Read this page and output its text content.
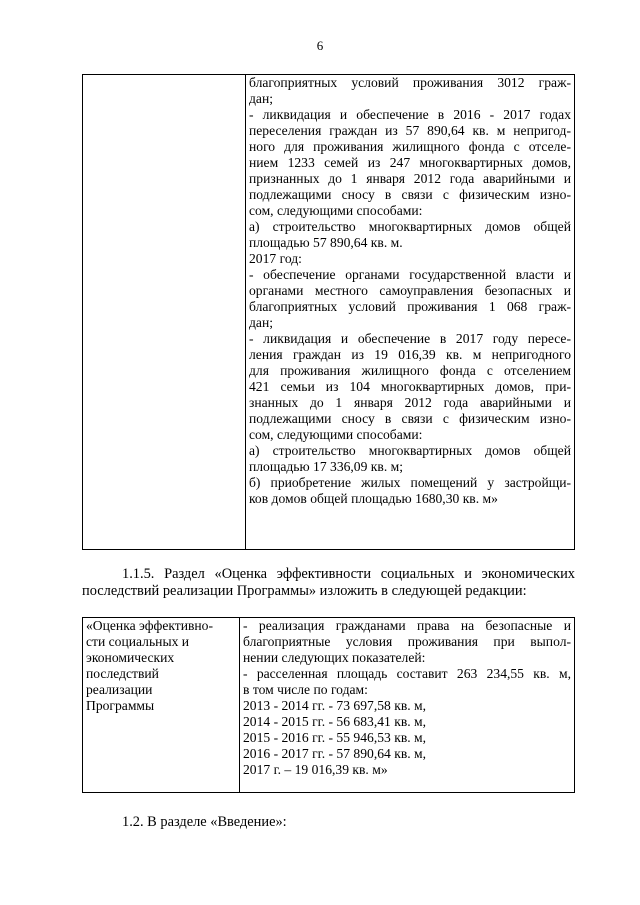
6

благоприятных условий проживания 3012 граж-
дан;
- ликвидация и обеспечение в 2016 - 2017 годах
переселения граждан из 57 890,64 кв. м непригод-
ного для проживания жилищного фонда с отселе-
нием 1233 семей из 247 многоквартирных домов,
признанных до 1 января 2012 года аварийными и
подлежащими сносу в связи с физическим изно-
сом, следующими способами:
а) строительство многоквартирных домов общей
площадью 57 890,64 кв. м.
2017 год:
- обеспечение органами государственной власти и
органами местного самоуправления безопасных и
благоприятных условий проживания 1 068 граж-
дан;
- ликвидация и обеспечение в 2017 году пересе-
ления граждан из 19 016,39 кв. м непригодного
для проживания жилищного фонда с отселением
421 семьи из 104 многоквартирных домов, при-
знанных до 1 января 2012 года аварийными и
подлежащими сносу в связи с физическим изно-
сом, следующими способами:
а) строительство многоквартирных домов общей
площадью 17 336,09 кв. м;
б) приобретение жилых помещений у застройщи-
ков домов общей площадью 1680,30 кв. м»
1.1.5. Раздел «Оценка эффективности социальных и экономических
последствий реализации Программы» изложить в следующей редакции:
«Оценка эффективно-
сти социальных и
экономических
последствий
реализации
Программы

- реализация гражданами права на безопасные и
благоприятные условия проживания при выпол-
нении следующих показателей:
- расселенная площадь составит 263 234,55 кв. м,
в том числе по годам:
2013 - 2014 гг. - 73 697,58 кв. м,
2014 - 2015 гг. - 56 683,41 кв. м,
2015 - 2016 гг. - 55 946,53 кв. м,
2016 - 2017 гг. - 57 890,64 кв. м,
2017 г. – 19 016,39 кв. м»
1.2. В разделе «Введение»:
